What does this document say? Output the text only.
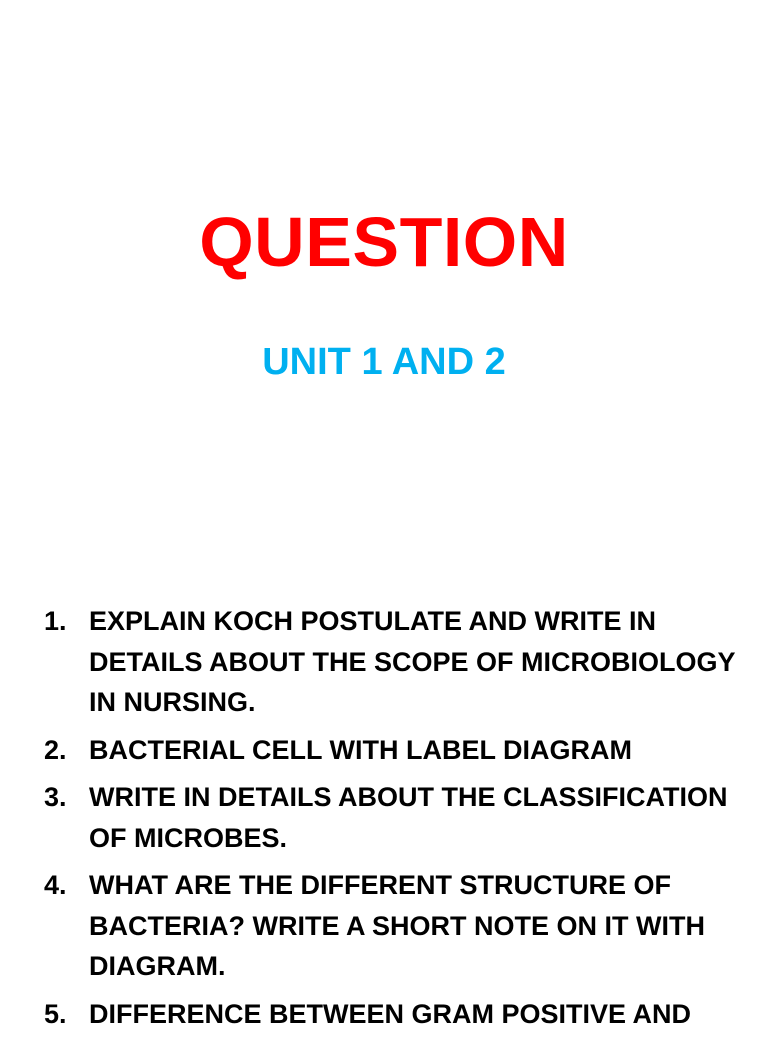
QUESTION
UNIT 1 AND 2
1. EXPLAIN KOCH POSTULATE AND WRITE IN DETAILS ABOUT THE SCOPE OF MICROBIOLOGY IN NURSING.
2. BACTERIAL CELL WITH LABEL DIAGRAM
3. WRITE IN DETAILS ABOUT THE CLASSIFICATION OF MICROBES.
4. WHAT ARE THE DIFFERENT STRUCTURE OF BACTERIA? WRITE A SHORT NOTE ON IT WITH DIAGRAM.
5. DIFFERENCE BETWEEN GRAM POSITIVE AND
